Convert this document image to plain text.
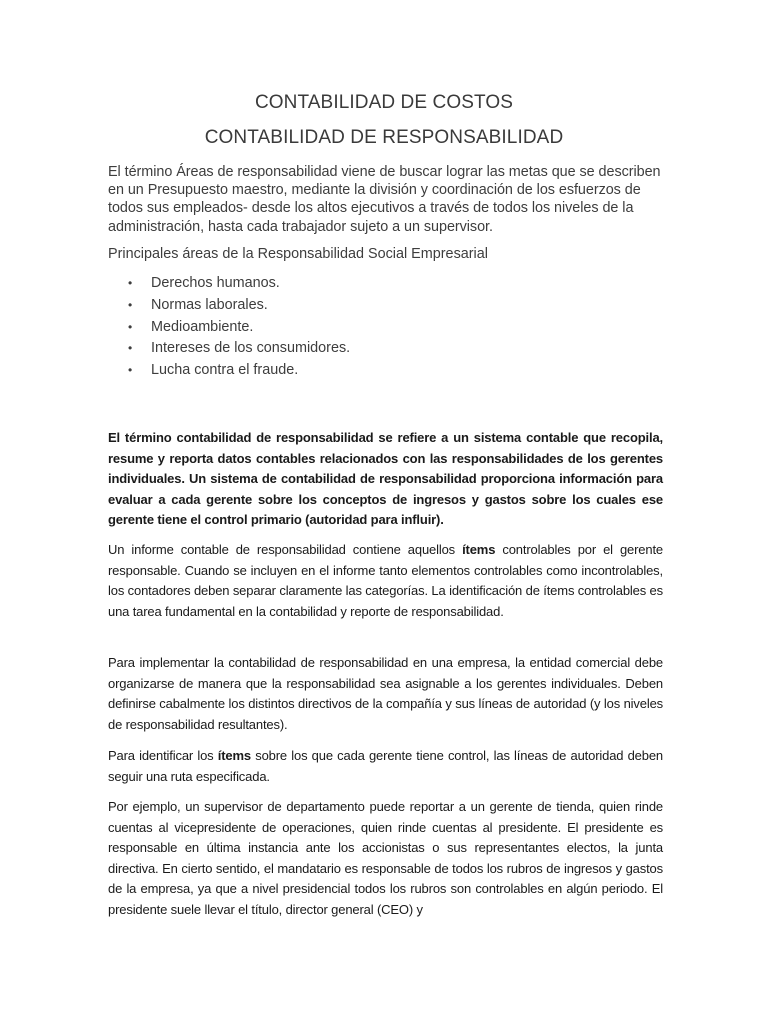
CONTABILIDAD DE COSTOS
CONTABILIDAD DE RESPONSABILIDAD

El término Áreas de responsabilidad viene de buscar lograr las metas que se describen en un Presupuesto maestro, mediante la división y coordinación de los esfuerzos de todos sus empleados- desde los altos ejecutivos a través de todos los niveles de la administración, hasta cada trabajador sujeto a un supervisor.

Principales áreas de la Responsabilidad Social Empresarial

• Derechos humanos.
• Normas laborales.
• Medioambiente.
• Intereses de los consumidores.
• Lucha contra el fraude.

El término contabilidad de responsabilidad se refiere a un sistema contable que recopila, resume y reporta datos contables relacionados con las responsabilidades de los gerentes individuales. Un sistema de contabilidad de responsabilidad proporciona información para evaluar a cada gerente sobre los conceptos de ingresos y gastos sobre los cuales ese gerente tiene el control primario (autoridad para influir).

Un informe contable de responsabilidad contiene aquellos ítems controlables por el gerente responsable. Cuando se incluyen en el informe tanto elementos controlables como incontrolables, los contadores deben separar claramente las categorías. La identificación de ítems controlables es una tarea fundamental en la contabilidad y reporte de responsabilidad.

Para implementar la contabilidad de responsabilidad en una empresa, la entidad comercial debe organizarse de manera que la responsabilidad sea asignable a los gerentes individuales. Deben definirse cabalmente los distintos directivos de la compañía y sus líneas de autoridad (y los niveles de responsabilidad resultantes).

Para identificar los ítems sobre los que cada gerente tiene control, las líneas de autoridad deben seguir una ruta especificada.

Por ejemplo, un supervisor de departamento puede reportar a un gerente de tienda, quien rinde cuentas al vicepresidente de operaciones, quien rinde cuentas al presidente. El presidente es responsable en última instancia ante los accionistas o sus representantes electos, la junta directiva. En cierto sentido, el mandatario es responsable de todos los rubros de ingresos y gastos de la empresa, ya que a nivel presidencial todos los rubros son controlables en algún periodo. El presidente suele llevar el título, director general (CEO) y
